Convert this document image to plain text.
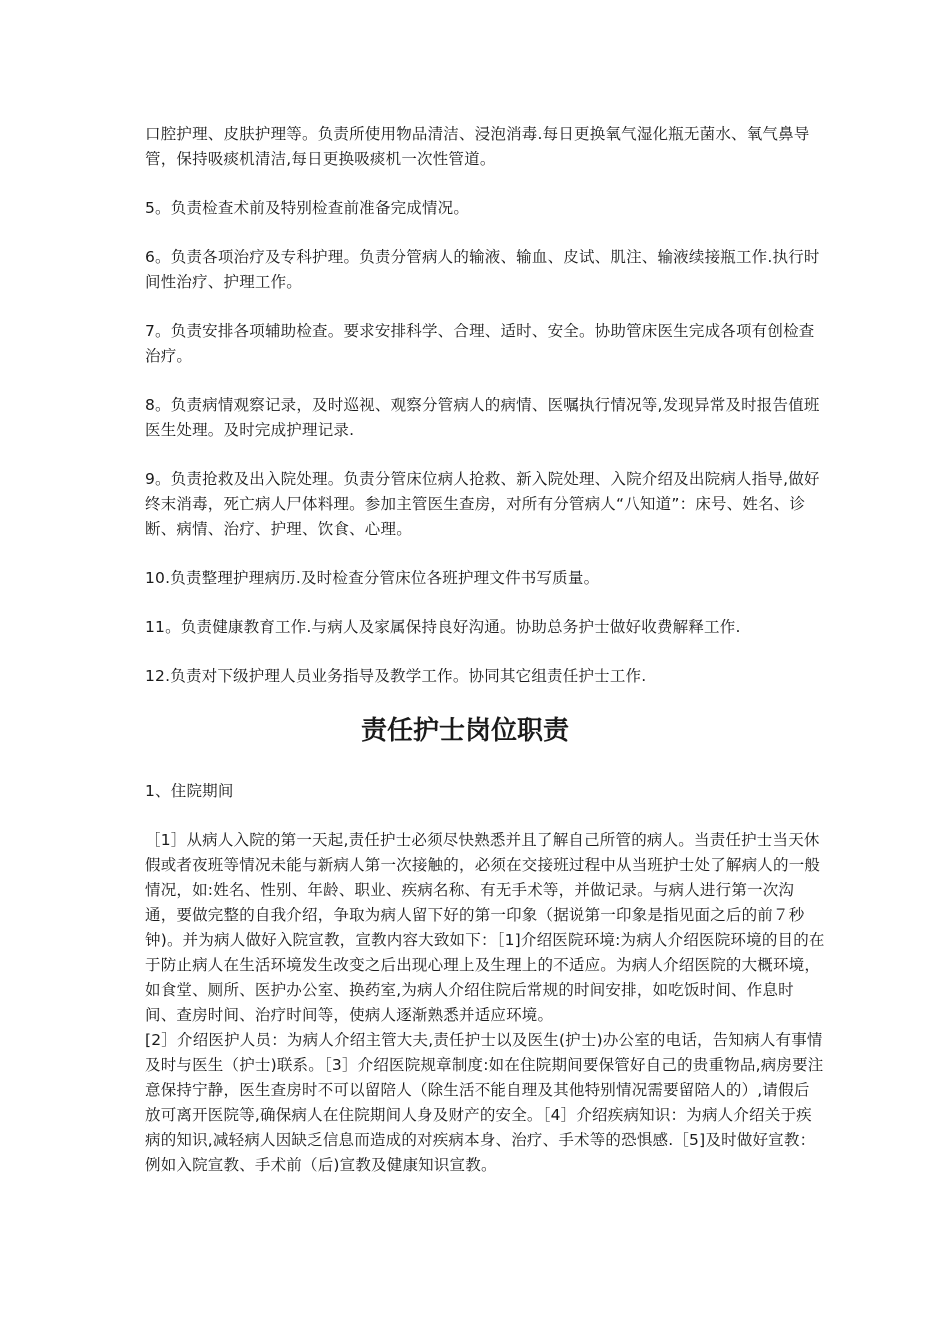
口腔护理、皮肤护理等。负责所使用物品清洁、浸泡消毒.每日更换氧气湿化瓶无菌水、氧气鼻导管，保持吸痰机清洁,每日更换吸痰机一次性管道。

5。负责检查术前及特别检查前准备完成情况。

6。负责各项治疗及专科护理。负责分管病人的输液、输血、皮试、肌注、输液续接瓶工作.执行时间性治疗、护理工作。

7。负责安排各项辅助检查。要求安排科学、合理、适时、安全。协助管床医生完成各项有创检查治疗。

8。负责病情观察记录，及时巡视、观察分管病人的病情、医嘱执行情况等,发现异常及时报告值班医生处理。及时完成护理记录.

9。负责抢救及出入院处理。负责分管床位病人抢救、新入院处理、入院介绍及出院病人指导,做好终末消毒，死亡病人尸体料理。参加主管医生查房，对所有分管病人“八知道”：床号、姓名、诊断、病情、治疗、护理、饮食、心理。

10.负责整理护理病历.及时检查分管床位各班护理文件书写质量。

11。负责健康教育工作.与病人及家属保持良好沟通。协助总务护士做好收费解释工作.

12.负责对下级护理人员业务指导及教学工作。协同其它组责任护士工作.

责任护士岗位职责

1、住院期间

［1］从病人入院的第一天起,责任护士必须尽快熟悉并且了解自己所管的病人。当责任护士当天休假或者夜班等情况未能与新病人第一次接触的，必须在交接班过程中从当班护士处了解病人的一般情况，如:姓名、性别、年龄、职业、疾病名称、有无手术等，并做记录。与病人进行第一次沟通，要做完整的自我介绍，争取为病人留下好的第一印象（据说第一印象是指见面之后的前７秒钟)。并为病人做好入院宣教，宣教内容大致如下：［1]介绍医院环境:为病人介绍医院环境的目的在于防止病人在生活环境发生改变之后出现心理上及生理上的不适应。为病人介绍医院的大概环境，如食堂、厕所、医护办公室、换药室,为病人介绍住院后常规的时间安排，如吃饭时间、作息时间、查房时间、治疗时间等，使病人逐渐熟悉并适应环境。

[2］介绍医护人员：为病人介绍主管大夫,责任护士以及医生(护士)办公室的电话，告知病人有事情及时与医生（护士)联系。［3］介绍医院规章制度:如在住院期间要保管好自己的贵重物品,病房要注意保持宁静，医生查房时不可以留陪人（除生活不能自理及其他特别情况需要留陪人的）,请假后放可离开医院等,确保病人在住院期间人身及财产的安全。［4］介绍疾病知识：为病人介绍关于疾病的知识,减轻病人因缺乏信息而造成的对疾病本身、治疗、手术等的恐惧感.［5]及时做好宣教：例如入院宣教、手术前（后)宣教及健康知识宣教。
